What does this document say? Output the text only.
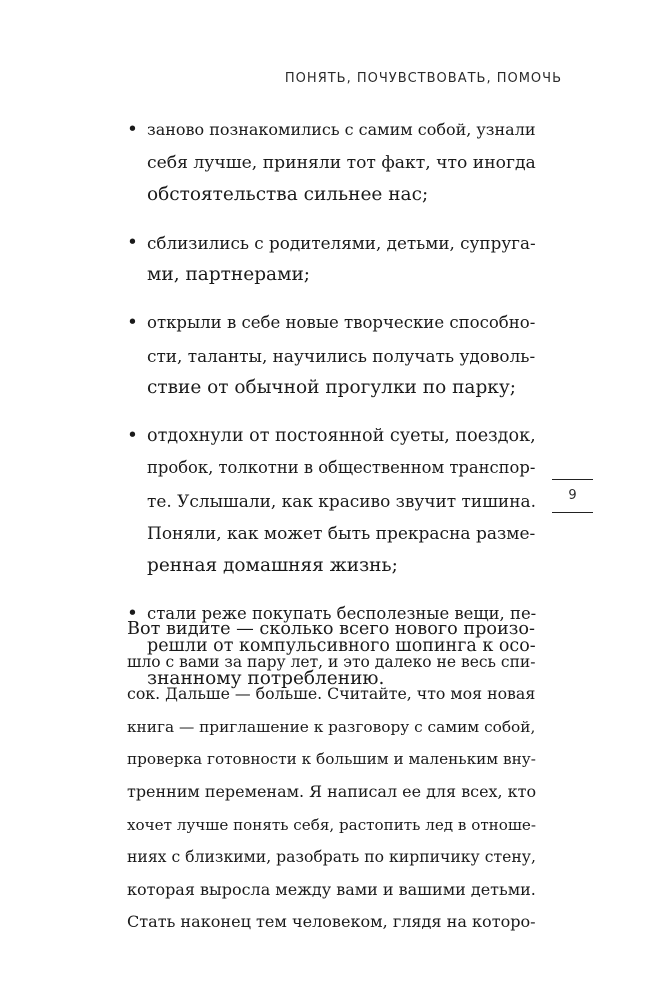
ПОНЯТЬ, ПОЧУВСТВОВАТЬ, ПОМОЧЬ
• заново познакомились с самим собой, узнали
себя лучше, приняли тот факт, что иногда
обстоятельства сильнее нас;
• сблизились с родителями, детьми, супруга-
ми, партнерами;
• открыли в себе новые творческие способно-
сти, таланты, научились получать удоволь-
ствие от обычной прогулки по парку;
• отдохнули от постоянной суеты, поездок,
пробок, толкотни в общественном транспор-
те. Услышали, как красиво звучит тишина.
Поняли, как может быть прекрасна разме-
ренная домашняя жизнь;
• стали реже покупать бесполезные вещи, пе-
решли от компульсивного шопинга к осо-
знанному потреблению.
Вот видите — сколько всего нового произо-
шло с вами за пару лет, и это далеко не весь спи-
сок. Дальше — больше. Считайте, что моя новая
книга — приглашение к разговору с самим собой,
проверка готовности к большим и маленьким вну-
тренним переменам. Я написал ее для всех, кто
хочет лучше понять себя, растопить лед в отноше-
ниях с близкими, разобрать по кирпичику стену,
которая выросла между вами и вашими детьми.
Стать наконец тем человеком, глядя на которо-
9
